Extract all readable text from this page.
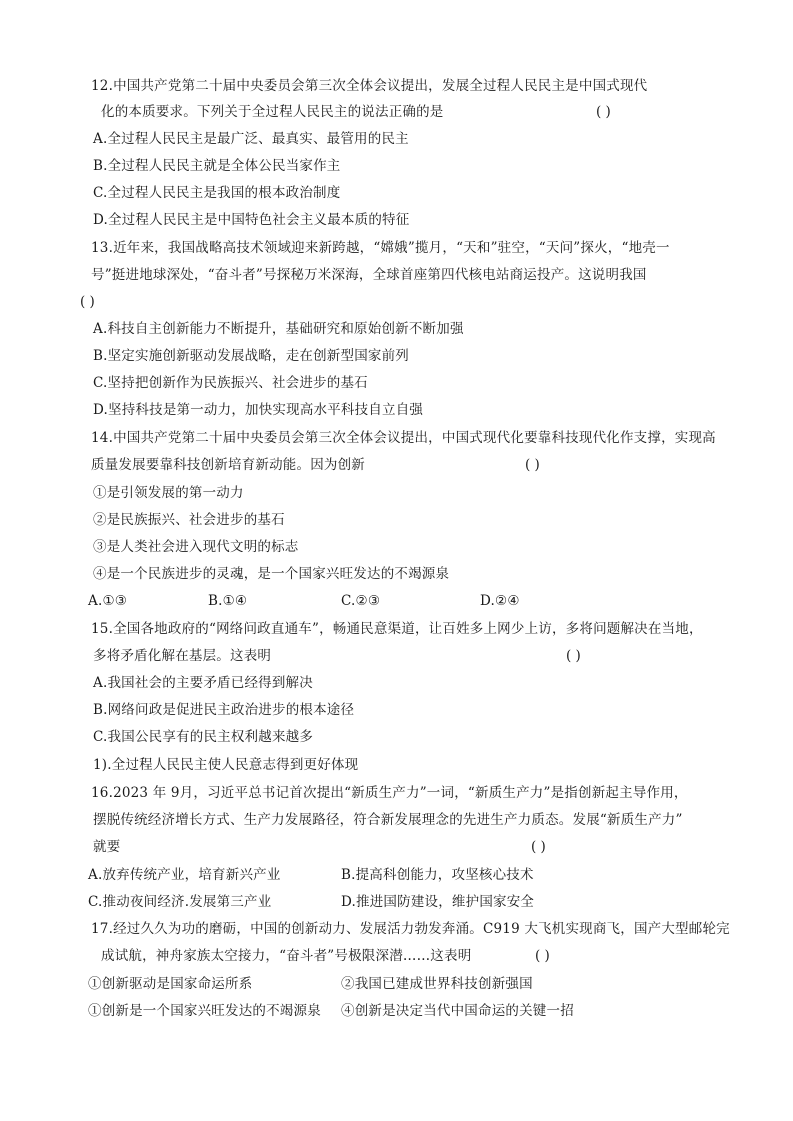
12.中国共产党第二十届中央委员会第三次全体会议提出，发展全过程人民民主是中国式现代
化的本质要求。下列关于全过程人民民主的说法正确的是	( )
A.全过程人民民主是最广泛、最真实、最管用的民主
B.全过程人民民主就是全体公民当家作主
C.全过程人民民主是我国的根本政治制度
D.全过程人民民主是中国特色社会主义最本质的特征
13.近年来，我国战略高技术领域迎来新跨越，“嫦娥”揽月，“天和”驻空，“天问”探火，“地壳一
号”挺进地球深处，“奋斗者”号探秘万米深海，全球首座第四代核电站商运投产。这说明我国
( )
A.科技自主创新能力不断提升，基础研究和原始创新不断加强
B.坚定实施创新驱动发展战略，走在创新型国家前列
C.坚持把创新作为民族振兴、社会进步的基石
D.坚持科技是第一动力，加快实现高水平科技自立自强
14.中国共产党第二十届中央委员会第三次全体会议提出，中国式现代化要靠科技现代化作支撑，实现高
质量发展要靠科技创新培育新动能。因为创新	( )
①是引领发展的第一动力
②是民族振兴、社会进步的基石
③是人类社会进入现代文明的标志
④是一个民族进步的灵魂，是一个国家兴旺发达的不竭源泉
A.①③	B.①④	C.②③	D.②④
15.全国各地政府的“网络问政直通车”，畅通民意渠道，让百姓多上网少上访，多将问题解决在当地，
多将矛盾化解在基层。这表明	( )
A.我国社会的主要矛盾已经得到解决
B.网络问政是促进民主政治进步的根本途径
C.我国公民享有的民主权利越来越多
1).全过程人民民主使人民意志得到更好体现
16.2023 年 9月，习近平总书记首次提出“新质生产力”一词，“新质生产力”是指创新起主导作用，
摆脱传统经济增长方式、生产力发展路径，符合新发展理念的先进生产力质态。发展“新质生产力”
就要	( )
A.放弃传统产业，培育新兴产业	B.提高科创能力，攻坚核心技术
C.推动夜间经济.发展第三产业	D.推进国防建设，维护国家安全
17.经过久久为功的磨砺，中国的创新动力、发展活力勃发奔涌。C919 大飞机实现商飞，国产大型邮轮完
成试航，神舟家族太空接力，“奋斗者”号极限深潜……这表明	( )
①创新驱动是国家命运所系	②我国已建成世界科技创新强国
①创新是一个国家兴旺发达的不竭源泉 ④创新是决定当代中国命运的关键一招
